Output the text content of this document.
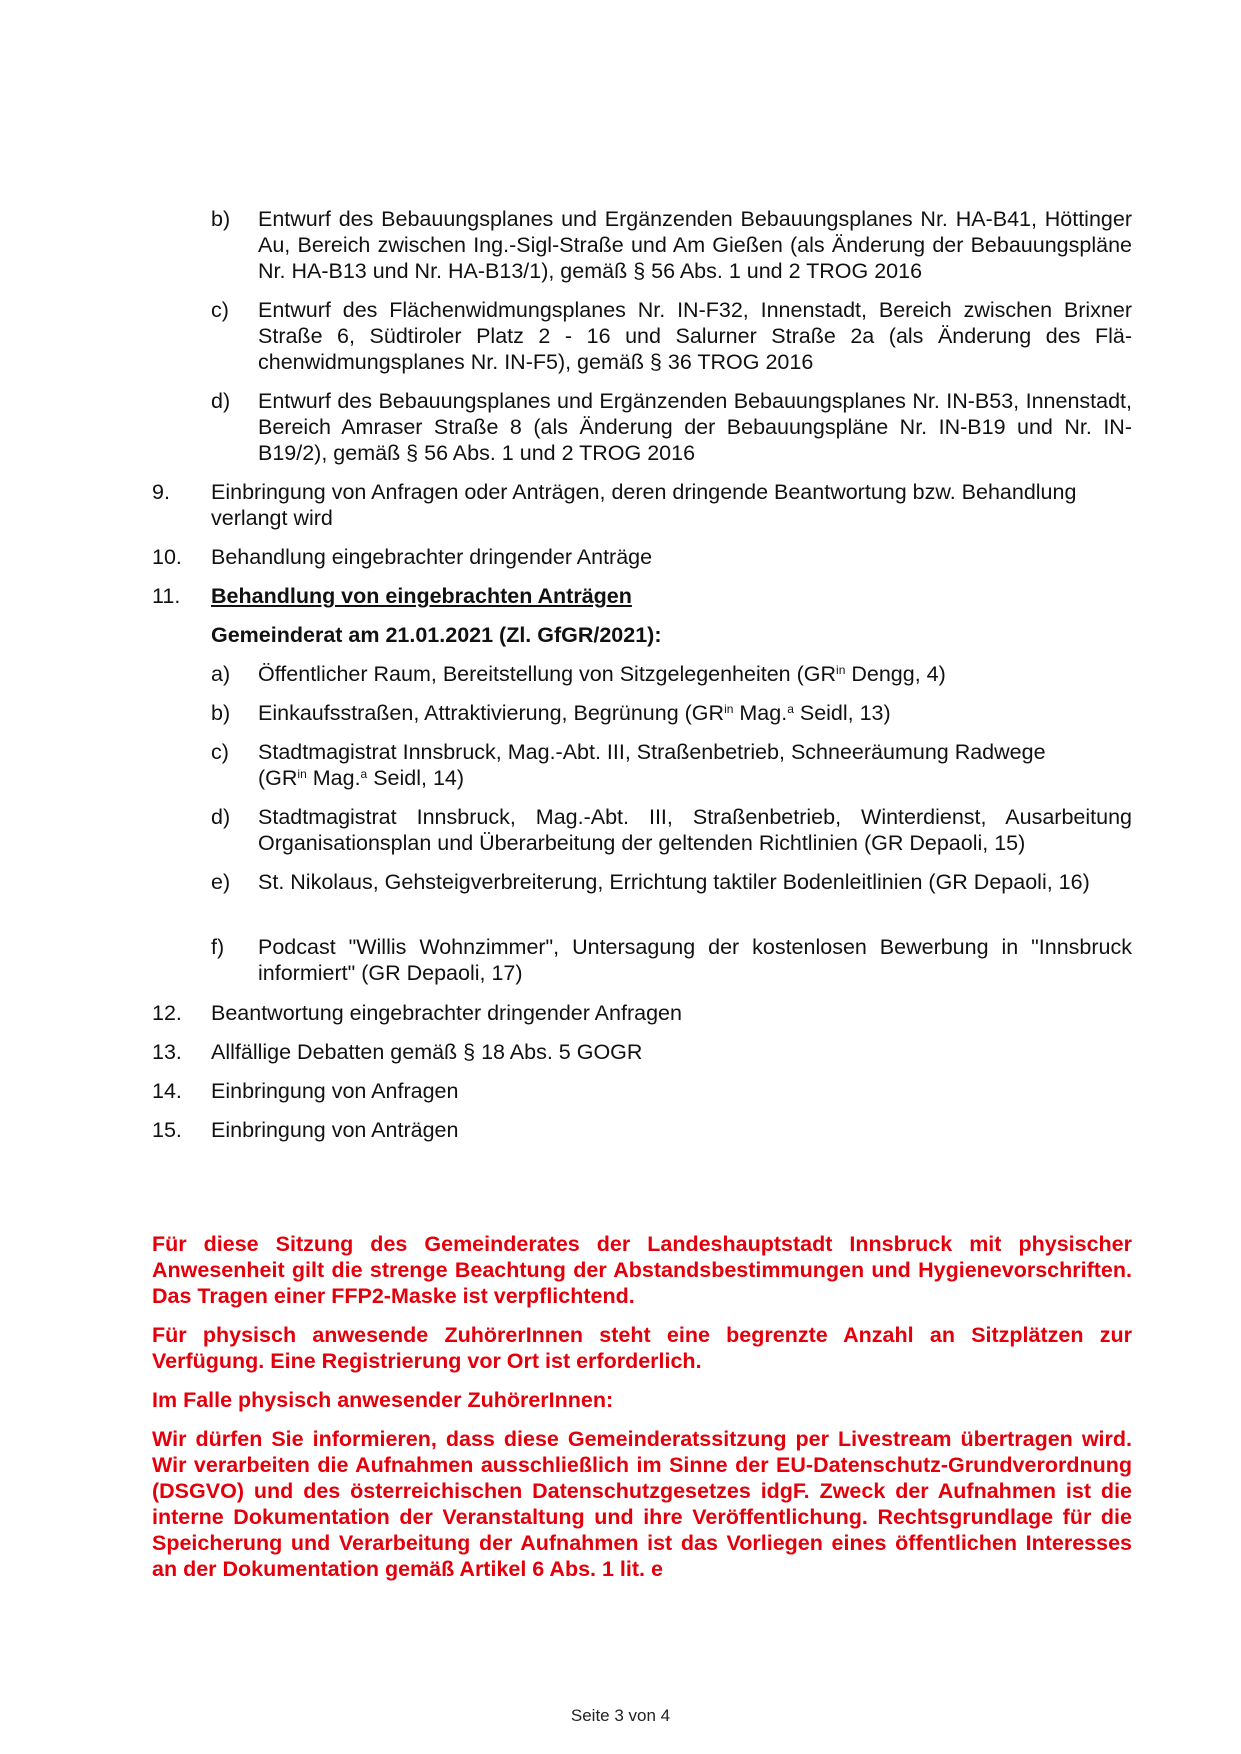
b) Entwurf des Bebauungsplanes und Ergänzenden Bebauungsplanes Nr. HA-B41, Höttinger Au, Bereich zwischen Ing.-Sigl-Straße und Am Gießen (als Änderung der Bebauungspläne Nr. HA-B13 und Nr. HA-B13/1), gemäß § 56 Abs. 1 und 2 TROG 2016
c) Entwurf des Flächenwidmungsplanes Nr. IN-F32, Innenstadt, Bereich zwischen Brixner Straße 6, Südtiroler Platz 2 - 16 und Salurner Straße 2a (als Änderung des Flächenwidmungsplanes Nr. IN-F5), gemäß § 36 TROG 2016
d) Entwurf des Bebauungsplanes und Ergänzenden Bebauungsplanes Nr. IN-B53, Innenstadt, Bereich Amraser Straße 8 (als Änderung der Bebauungspläne Nr. IN-B19 und Nr. IN-B19/2), gemäß § 56 Abs. 1 und 2 TROG 2016
9. Einbringung von Anfragen oder Anträgen, deren dringende Beantwortung bzw. Behandlung verlangt wird
10. Behandlung eingebrachter dringender Anträge
11. Behandlung von eingebrachten Anträgen
Gemeinderat am 21.01.2021 (Zl. GfGR/2021):
a) Öffentlicher Raum, Bereitstellung von Sitzgelegenheiten ($GR^{in}$ Dengg, 4)
b) Einkaufsstraßen, Attraktivierung, Begrünung ($GR^{in}$ Mag.$^a$ Seidl, 13)
c) Stadtmagistrat Innsbruck, Mag.-Abt. III, Straßenbetrieb, Schneeräumung Radwege
($GR^{in}$ Mag.$^a$ Seidl, 14)
d) Stadtmagistrat Innsbruck, Mag.-Abt. III, Straßenbetrieb, Winterdienst, Ausarbeitung Organisationsplan und Überarbeitung der geltenden Richtlinien (GR Depaoli, 15)
e) St. Nikolaus, Gehsteigverbreiterung, Errichtung taktiler Bodenleitlinien (GR Depaoli, 16)
f) Podcast "Willis Wohnzimmer", Untersagung der kostenlosen Bewerbung in "Innsbruck informiert" (GR Depaoli, 17)
12. Beantwortung eingebrachter dringender Anfragen
13. Allfällige Debatten gemäß § 18 Abs. 5 GOGR
14. Einbringung von Anfragen
15. Einbringung von Anträgen
Für diese Sitzung des Gemeinderates der Landeshauptstadt Innsbruck mit physischer Anwesenheit gilt die strenge Beachtung der Abstandsbestimmungen und Hygienevorschriften. Das Tragen einer FFP2-Maske ist verpflichtend.
Für physisch anwesende ZuhörerInnen steht eine begrenzte Anzahl an Sitzplätzen zur Verfügung. Eine Registrierung vor Ort ist erforderlich.
Im Falle physisch anwesender ZuhörerInnen:
Wir dürfen Sie informieren, dass diese Gemeinderatssitzung per Livestream übertragen wird. Wir verarbeiten die Aufnahmen ausschließlich im Sinne der EU-Datenschutz-Grundverordnung (DSGVO) und des österreichischen Datenschutzgesetzes idgF. Zweck der Aufnahmen ist die interne Dokumentation der Veranstaltung und ihre Veröffentlichung. Rechtsgrundlage für die Speicherung und Verarbeitung der Aufnahmen ist das Vorliegen eines öffentlichen Interesses an der Dokumentation gemäß Artikel 6 Abs. 1 lit. e
Seite 3 von 4
